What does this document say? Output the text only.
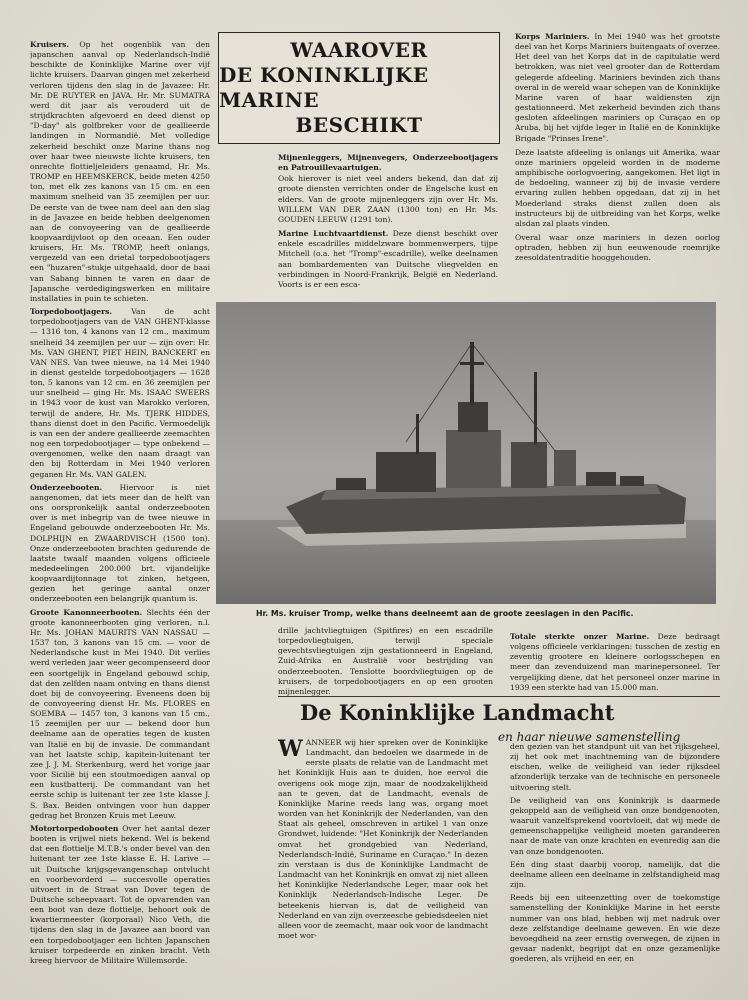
Kruisers. Op het oogenblik van den japanschen aanval op Nederlandsch-Indië beschikte de Koninklijke Marine over vijf lichte kruisers. Daarvan gingen met zekerheid verloren tijdens den slag in de Javazee: Hr. Mr. DE RUYTER en JAVA. Hr. Mr. SUMATRA werd dit jaar als verouderd uit de strijdkrachten afgevoerd en deed dienst op "D-day" als golfbreker voor de geallieerde landingen in Normandië. Met volledige zekerheid beschikt onze Marine thans nog over haar twee nieuwste lichte kruisers, ten onrechte flottieljeleiders genaamd, Hr. Ms. TROMP en HEEMSKERCK, beide meten 4250 ton, met elk zes kanons van 15 cm. en een maximum snelheid van 35 zeemijlen per uur. De eerste van de twee nam deel aan den slag in de Javazee en beide hebben deelgenomen aan de convoyeering van de geallieerde koopvaardijvloot op den oceaan. Een ouder kruisers, Hr. Ms. TROMP, heeft onlangs, vergezeld van een drietal torpedobootjagers een "huzaren"-stukje uitgehaald, door de baai van Sabang binnen te varen en daar de Japansche verdedigingswerken en militaire installaties in puin te schieten.

Torpedobootjagers.	Van de acht torpedobootjagers van de VAN GHENT-klasse — 1316 ton, 4 kanons van 12 cm., maximum snelheid 34 zeemijlen per uur — zijn over: Hr. Ms. VAN GHENT, PIET HEIN, BANCKERT en VAN NES. Van twee nieuwe, na 14 Mei 1940 in dienst gestelde torpedobootjagers — 1628 ton, 5 kanons van 12 cm. en 36 zeemijlen per uur snelheid — ging Hr. Ms. ISAAC SWEERS in 1943 voor de kust van Marokko verloren, terwijl de andere, Hr. Ms. TJERK HIDDES, thans dienst doet in den Pacific. Vermoedelijk is van een der andere geallieerde zeemachten nog een torpedobootjager — type onbekend — overgenomen, welke den naam draagt van den bij Rotterdam in Mei 1940 verloren geganen Hr. Ms. VAN GALEN.

Onderzeebooten. Hiervoor is niet aangenomen, dat iets meer dan de helft van ons oorspronkelijk aantal onderzeebooten over is met inbegrip van de twee nieuwe in Engeland gebouwde onderzeebooten Hr. Ms. DOLPHIJN en ZWAARDVISCH (1500 ton). Onze onderzeebooten brachten gedurende de laatste twaalf maanden volgens officieele mededeelingen 200.000 brt. vijandelijke koopvaardijtonnage tot zinken, hetgeen, gezien het geringe aantal onzer onderzeebooten een belangrijk quantum is.

Groote Kanonneerbooten. Slechts één der groote kanonneerbooten ging verloren, n.l. Hr. Ms. JOHAN MAURITS VAN NASSAU — 1537 ton, 3 kanons van 15 cm. — voor de Nederlandsche kust in Mei 1940. Dit verlies werd verleden jaar weer gecompenseerd door een soortgelijk in Engeland gebouwd schip, dat den zelfden naam ontving en thans dienst doet bij de convoyeering. Eveneens doen bij de convoyeering dienst Hr. Ms. FLORES en SOEMBA — 1457 ton, 3 kanons van 15 cm., 15 zeemijlen per uur — bekend door hun deelname aan de operaties tegen de kusten van Italië en bij de invasie. De commandant van het laatste schip, kapitein-luitenant ter zee J. J. M. Sterkenburg, werd het vorige jaar voor Sicilië bij een stoutmoedigen aanval op een kustbatterij. De commandant van het eerste schip is luitenant ter zee 1ste klasse J. S. Bax. Beiden ontvingen voor hun dapper gedrag het Bronzen Kruis met Leeuw.

Motortorpedobooten Over het aantal dezer booten is vrijwel niets bekend. Wel is bekend dat een flottielje M.T.B.'s onder bevel van den luitenant ter zee 1ste klasse E. H. Larive — uit Duitsche krijgsgevangenschap ontvlucht en voorbevorderd — succesvolle operaties uitvoert in de Straat van Dover tegen de Duitsche scheepvaart. Tot de opvarenden van een boot van deze flottielje, behoort ook de kwartiermeester (korporaal) Nico Veth, die tijdens den slag in de Javazee aan boord van een torpedobootjager een lichten Japanschen kruiser torpedeerde en zinken bracht. Veth kreeg hiervoor de Militaire Willemsorde.

WAAROVER
DE KONINKLIJKE MARINE
BESCHIKT

Mijnenleggers, Mijnenvegers, Onderzeebootjagers en Patrouillevaartuigen.

Ook hierover is niet veel anders bekend, dan dat zij groote diensten verrichten onder de Engelsche kust en elders. Van de groote mijnenleggers zijn over Hr. Ms. WILLEM VAN DER ZAAN (1300 ton) en Hr. Ms. GOUDEN LEEUW (1291 ton).

Marine Luchtvaartdienst. Deze dienst beschikt over enkele escadrilles middelzware bommenwerpers, tijpe Mitchell (o.a. het "Tromp"-escadrille), welke deelnamen aan bombardementen van Duitsche vliegvelden en verbindingen in Noord-Frankrijk, België en Nederland. Voorts is er een esca-

Korps Mariniers. In Mei 1940 was het grootste deel van het Korps Mariniers buitengaats of overzee. Het deel van het Korps dat in de capitulatie werd betrokken, was niet veel grooter dan de Rotterdam gelegerde afdeeling. Mariniers bevinden zich thans overal in de wereld waar schepen van de Koninklijke Marine varen of haar waldiensten zijn gestationneerd. Met zekerheid bevinden zich thans gesloten afdeelingen mariniers op Curaçao en op Aruba, bij het vijfde leger in Italië en de Koninklijke Brigade "Prinses Irene".

Deze laatste afdeeling is onlangs uit Amerika, waar onze mariniers opgeleid worden in de moderne amphibische oorlogvoering, aangekomen. Het ligt in de bedoeling, wanneer zij bij de invasie verdere ervaring zullen hebben opgedaan, dat zij in het Moederland straks dienst zullen doen als instructeurs bij de uitbreiding van het Korps, welke alsdan zal plaats vinden.

Overal waar onze mariniers in dezen oorlog optraden, hebben zij hun eeuwenoude roemrijke zeesoldatentraditie hooggehouden.

Hr. Ms. kruiser Tromp, welke thans deelneemt aan de groote zeeslagen in den Pacific.

drille jachtvliegtuigen (Spitfires) en een escadrille torpedovliegtuigen, terwijl speciale gevechtsvliegtuigen zijn gestationneerd in Engeland, Zuid-Afrika en Australië voor bestrijding van onderzeebooten. Tenslotte boordvliegtuigen op de kruisers, de torpedobootjagers en op een grooten mijnenlegger.

Totale sterkte onzer Marine. Deze bedraagt volgens officieele verklaringen: tusschen de zestig en zeventig grootere en kleinere oorlogsschepen en meer dan zevenduizend man marinepersoneel. Ter vergelijking diene, dat het personeel onzer marine in 1939 een sterkte had van 15.000 man.

De Koninklijke Landmacht
en haar nieuwe samenstelling

WANNEER wij hier spreken over de Koninklijke Landmacht, dan bedoelen we daarmede in de eerste plaats de relatie van de Landmacht met het Koninklijk Huis aan te duiden, hoe eervol die overigens ook moge zijn, maar de noodzakelijkheid aan te geven, dat de Landmacht, evenals de Koninklijke Marine reeds lang was, organg moet worden van het Koninkrijk der Nederlanden, van den Staat als geheel, omschreven in artikel 1 van onze Grondwet, luidende: "Het Koninkrijk der Nederlanden omvat het grondgebied van Nederland, Nederlandsch-Indië, Suriname en Curaçao." In dezen zin verstaan is dus de Koninklijke Landmacht de Landmacht van het Koninkrijk en omvat zij niet alleen het Koninklijke Nederlandsche Leger, maar ook het Koninklijk Nederlandsch-Indische Leger. De beteekenis hiervan is, dat de veiligheid van Nederland en van zijn overzeesche gebiedsdeelen niet alleen voor de zeemacht, maar ook voor de landmacht moet wor-

den gezien van het standpunt uit van het rijksgeheel, zij het ook met inachtneming van de bijzondere eischen, welke de veiligheid van ieder rijksdeel afzonderlijk terzake van de technische en personeele uitvoering stelt.

De veiligheid van ons Koninkrijk is daarmede gekoppeld aan de veiligheid van onze bondgenooten, waaruit vanzelfsprekend voortvloeit, dat wij mede de gemeenschappelijke veiligheid moeten garandeeren naar de mate van onze krachten en evenredig aan die van onze bondgenooten.

Eén ding staat daarbij voorop, namelijk, dat die deelname alleen een deelname in zelfstandigheid mag zijn.

Reeds bij een uiteenzetting over de toekomstige samenstelling der Koninklijke Marine in het eerste nummer van ons blad, hebben wij met nadruk over deze zelfstandige deelname geweven. En wie deze bevoegdheid na zeer ernstig overwegen, de zijnen in gevaar nadenkt, begrijpt dat en onze gezamenlijke goederen, als vrijheid en eer, en
